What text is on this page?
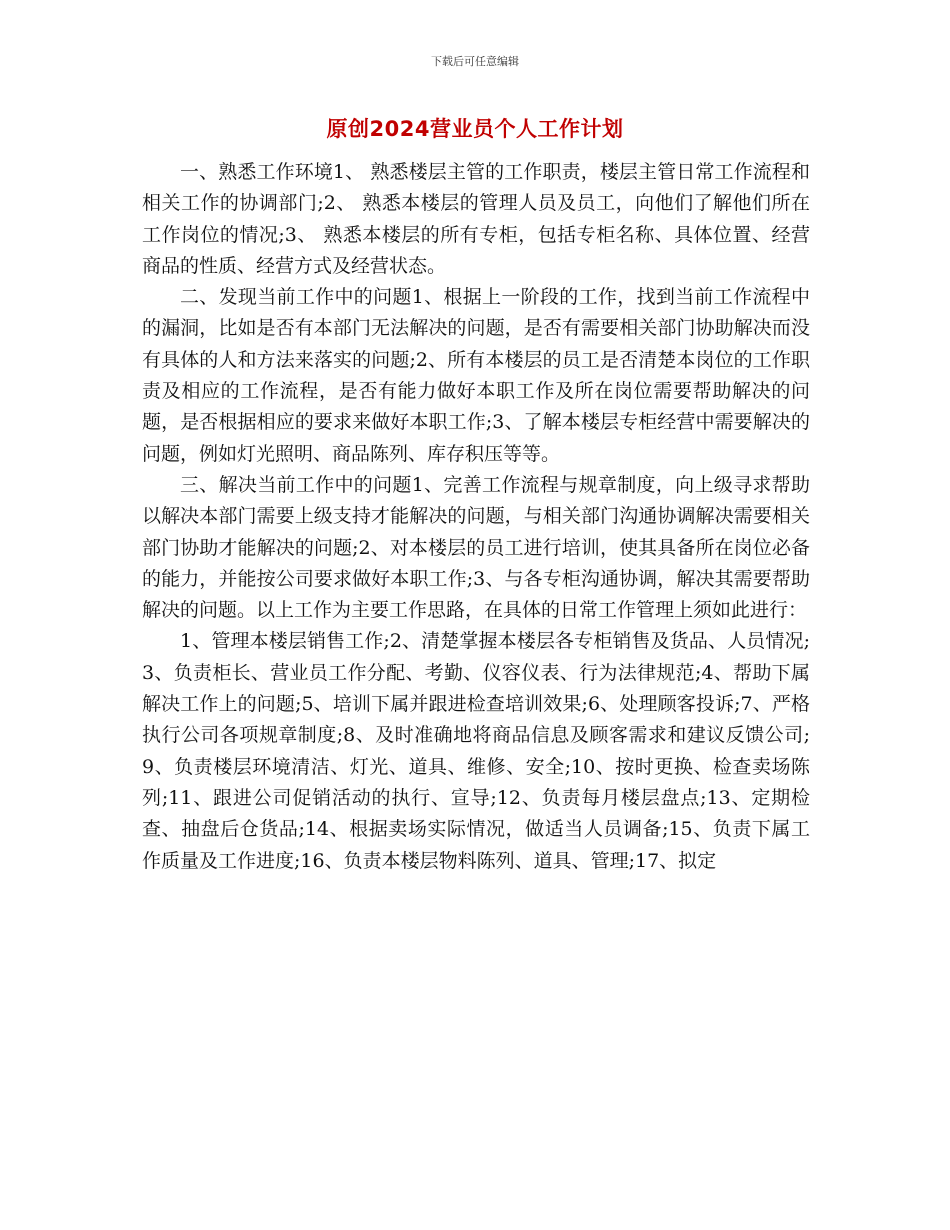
下载后可任意编辑
原创2024营业员个人工作计划

一、熟悉工作环境1、 熟悉楼层主管的工作职责，楼层主管日常工作流程和相关工作的协调部门;2、 熟悉本楼层的管理人员及员工，向他们了解他们所在工作岗位的情况;3、 熟悉本楼层的所有专柜，包括专柜名称、具体位置、经营商品的性质、经营方式及经营状态。

二、发现当前工作中的问题1、根据上一阶段的工作，找到当前工作流程中的漏洞，比如是否有本部门无法解决的问题，是否有需要相关部门协助解决而没有具体的人和方法来落实的问题;2、所有本楼层的员工是否清楚本岗位的工作职责及相应的工作流程，是否有能力做好本职工作及所在岗位需要帮助解决的问题，是否根据相应的要求来做好本职工作;3、了解本楼层专柜经营中需要解决的问题，例如灯光照明、商品陈列、库存积压等等。

三、解决当前工作中的问题1、完善工作流程与规章制度，向上级寻求帮助以解决本部门需要上级支持才能解决的问题，与相关部门沟通协调解决需要相关部门协助才能解决的问题;2、对本楼层的员工进行培训，使其具备所在岗位必备的能力，并能按公司要求做好本职工作;3、与各专柜沟通协调，解决其需要帮助解决的问题。以上工作为主要工作思路，在具体的日常工作管理上须如此进行：

1、管理本楼层销售工作;2、清楚掌握本楼层各专柜销售及货品、人员情况;3、负责柜长、营业员工作分配、考勤、仪容仪表、行为法律规范;4、帮助下属解决工作上的问题;5、培训下属并跟进检查培训效果;6、处理顾客投诉;7、严格执行公司各项规章制度;8、及时准确地将商品信息及顾客需求和建议反馈公司;9、负责楼层环境清洁、灯光、道具、维修、安全;10、按时更换、检查卖场陈列;11、跟进公司促销活动的执行、宣导;12、负责每月楼层盘点;13、定期检查、抽盘后仓货品;14、根据卖场实际情况，做适当人员调备;15、负责下属工作质量及工作进度;16、负责本楼层物料陈列、道具、管理;17、拟定
